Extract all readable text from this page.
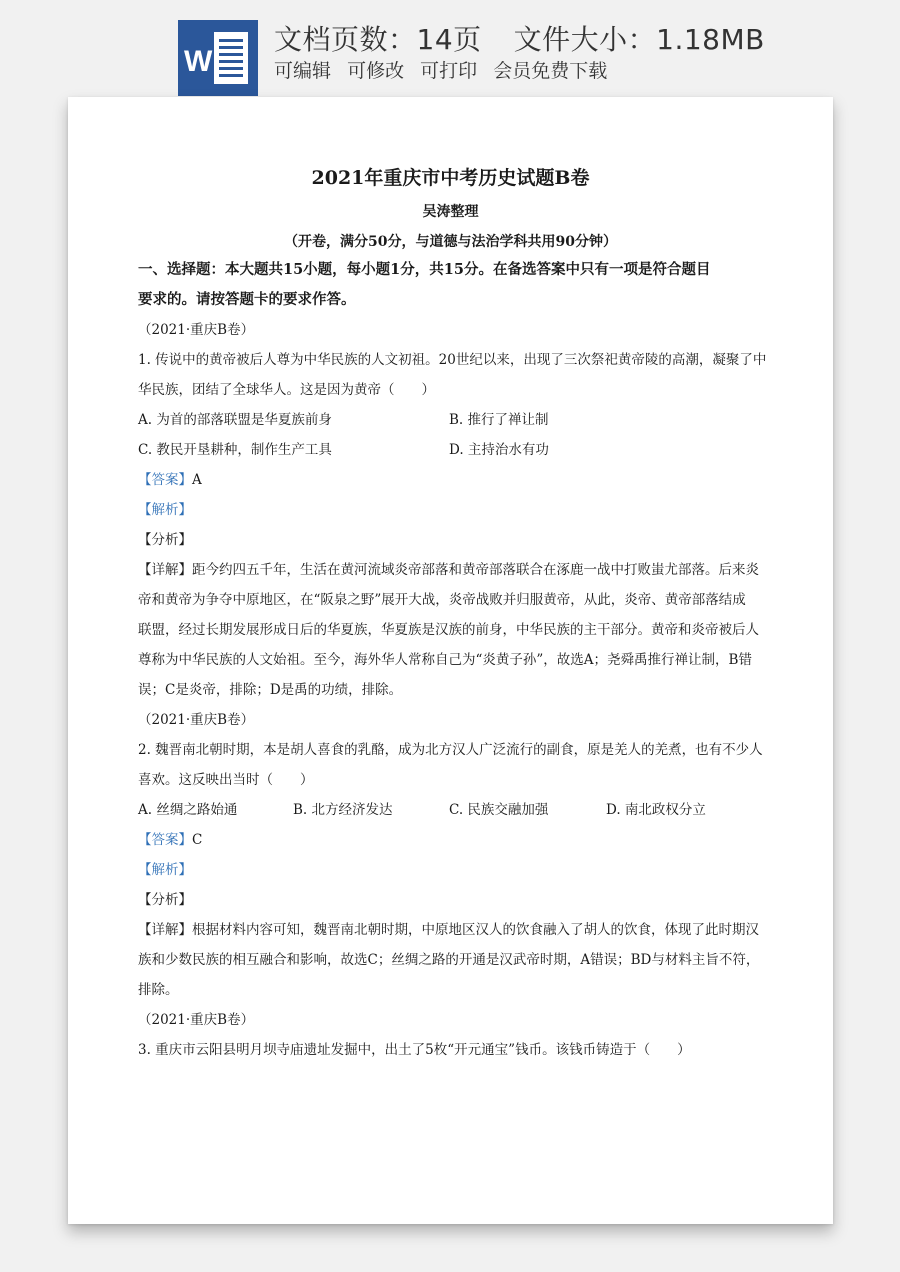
W
文档页数：14页 文件大小：1.18MB
可编辑 可修改 可打印 会员免费下载
2021年重庆市中考历史试题B卷
吴涛整理
（开卷，满分50分，与道德与法治学科共用90分钟）
一、选择题：本大题共15小题，每小题1分，共15分。在备选答案中只有一项是符合题目
要求的。请按答题卡的要求作答。
（2021·重庆B卷）
1. 传说中的黄帝被后人尊为中华民族的人文初祖。20世纪以来，出现了三次祭祀黄帝陵的高潮，凝聚了中
华民族，团结了全球华人。这是因为黄帝（　　）
A. 为首的部落联盟是华夏族前身	B. 推行了禅让制
C. 教民开垦耕种，制作生产工具	D. 主持治水有功
【答案】A
【解析】
【分析】
【详解】距今约四五千年，生活在黄河流域炎帝部落和黄帝部落联合在涿鹿一战中打败蚩尤部落。后来炎
帝和黄帝为争夺中原地区，在“阪泉之野”展开大战，炎帝战败并归服黄帝，从此，炎帝、黄帝部落结成
联盟，经过长期发展形成日后的华夏族，华夏族是汉族的前身，中华民族的主干部分。黄帝和炎帝被后人
尊称为中华民族的人文始祖。至今，海外华人常称自己为“炎黄子孙”，故选A；尧舜禹推行禅让制，B错
误；C是炎帝，排除；D是禹的功绩，排除。
（2021·重庆B卷）
2. 魏晋南北朝时期，本是胡人喜食的乳酪，成为北方汉人广泛流行的副食，原是羌人的羌煮，也有不少人
喜欢。这反映出当时（　　）
A. 丝绸之路始通	B. 北方经济发达	C. 民族交融加强	D. 南北政权分立
【答案】C
【解析】
【分析】
【详解】根据材料内容可知，魏晋南北朝时期，中原地区汉人的饮食融入了胡人的饮食，体现了此时期汉
族和少数民族的相互融合和影响，故选C；丝绸之路的开通是汉武帝时期，A错误；BD与材料主旨不符，
排除。
（2021·重庆B卷）
3. 重庆市云阳县明月坝寺庙遗址发掘中，出土了5枚“开元通宝”钱币。该钱币铸造于（　　）
